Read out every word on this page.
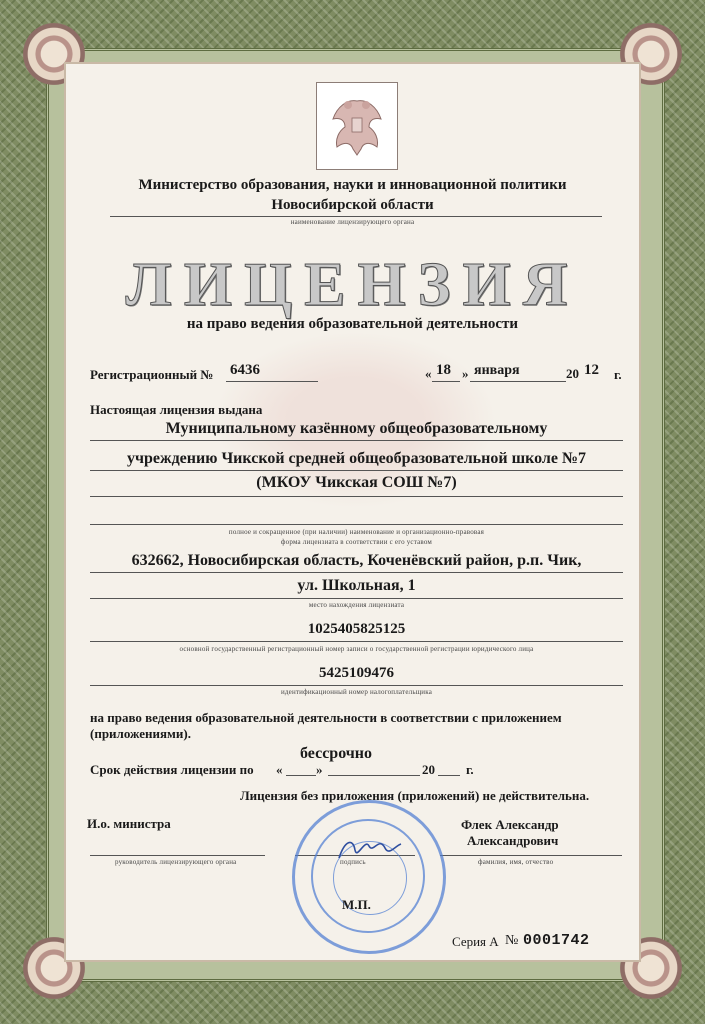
Министерство образования, науки и инновационной политики
Новосибирской области
наименование лицензирующего органа
ЛИЦЕНЗИЯ
на право ведения образовательной деятельности
Регистрационный № 6436	« 18 » января	20 12 г.
Настоящая лицензия выдана
Муниципальному казённому общеобразовательному
учреждению Чикской средней общеобразовательной школе №7
(МКОУ Чикская СОШ №7)
полное и сокращенное (при наличии) наименование и организационно-правовая
форма лицензиата в соответствии с его уставом
632662, Новосибирская область, Коченёвский район, р.п. Чик,
ул. Школьная, 1
место нахождения лицензиата
1025405825125
основной государственный регистрационный номер записи о государственной регистрации юридического лица
5425109476
идентификационный номер налогоплательщика
на право ведения образовательной деятельности в соответствии с приложением
(приложениями).
бессрочно
Срок действия лицензии по «	»	20 г.
Лицензия без приложения (приложений) не действительна.
И.о. министра	Флек Александр
Александрович
руководитель лицензирующего органа	подпись	фамилия, имя, отчество
М.П.
Серия А № 0001742
